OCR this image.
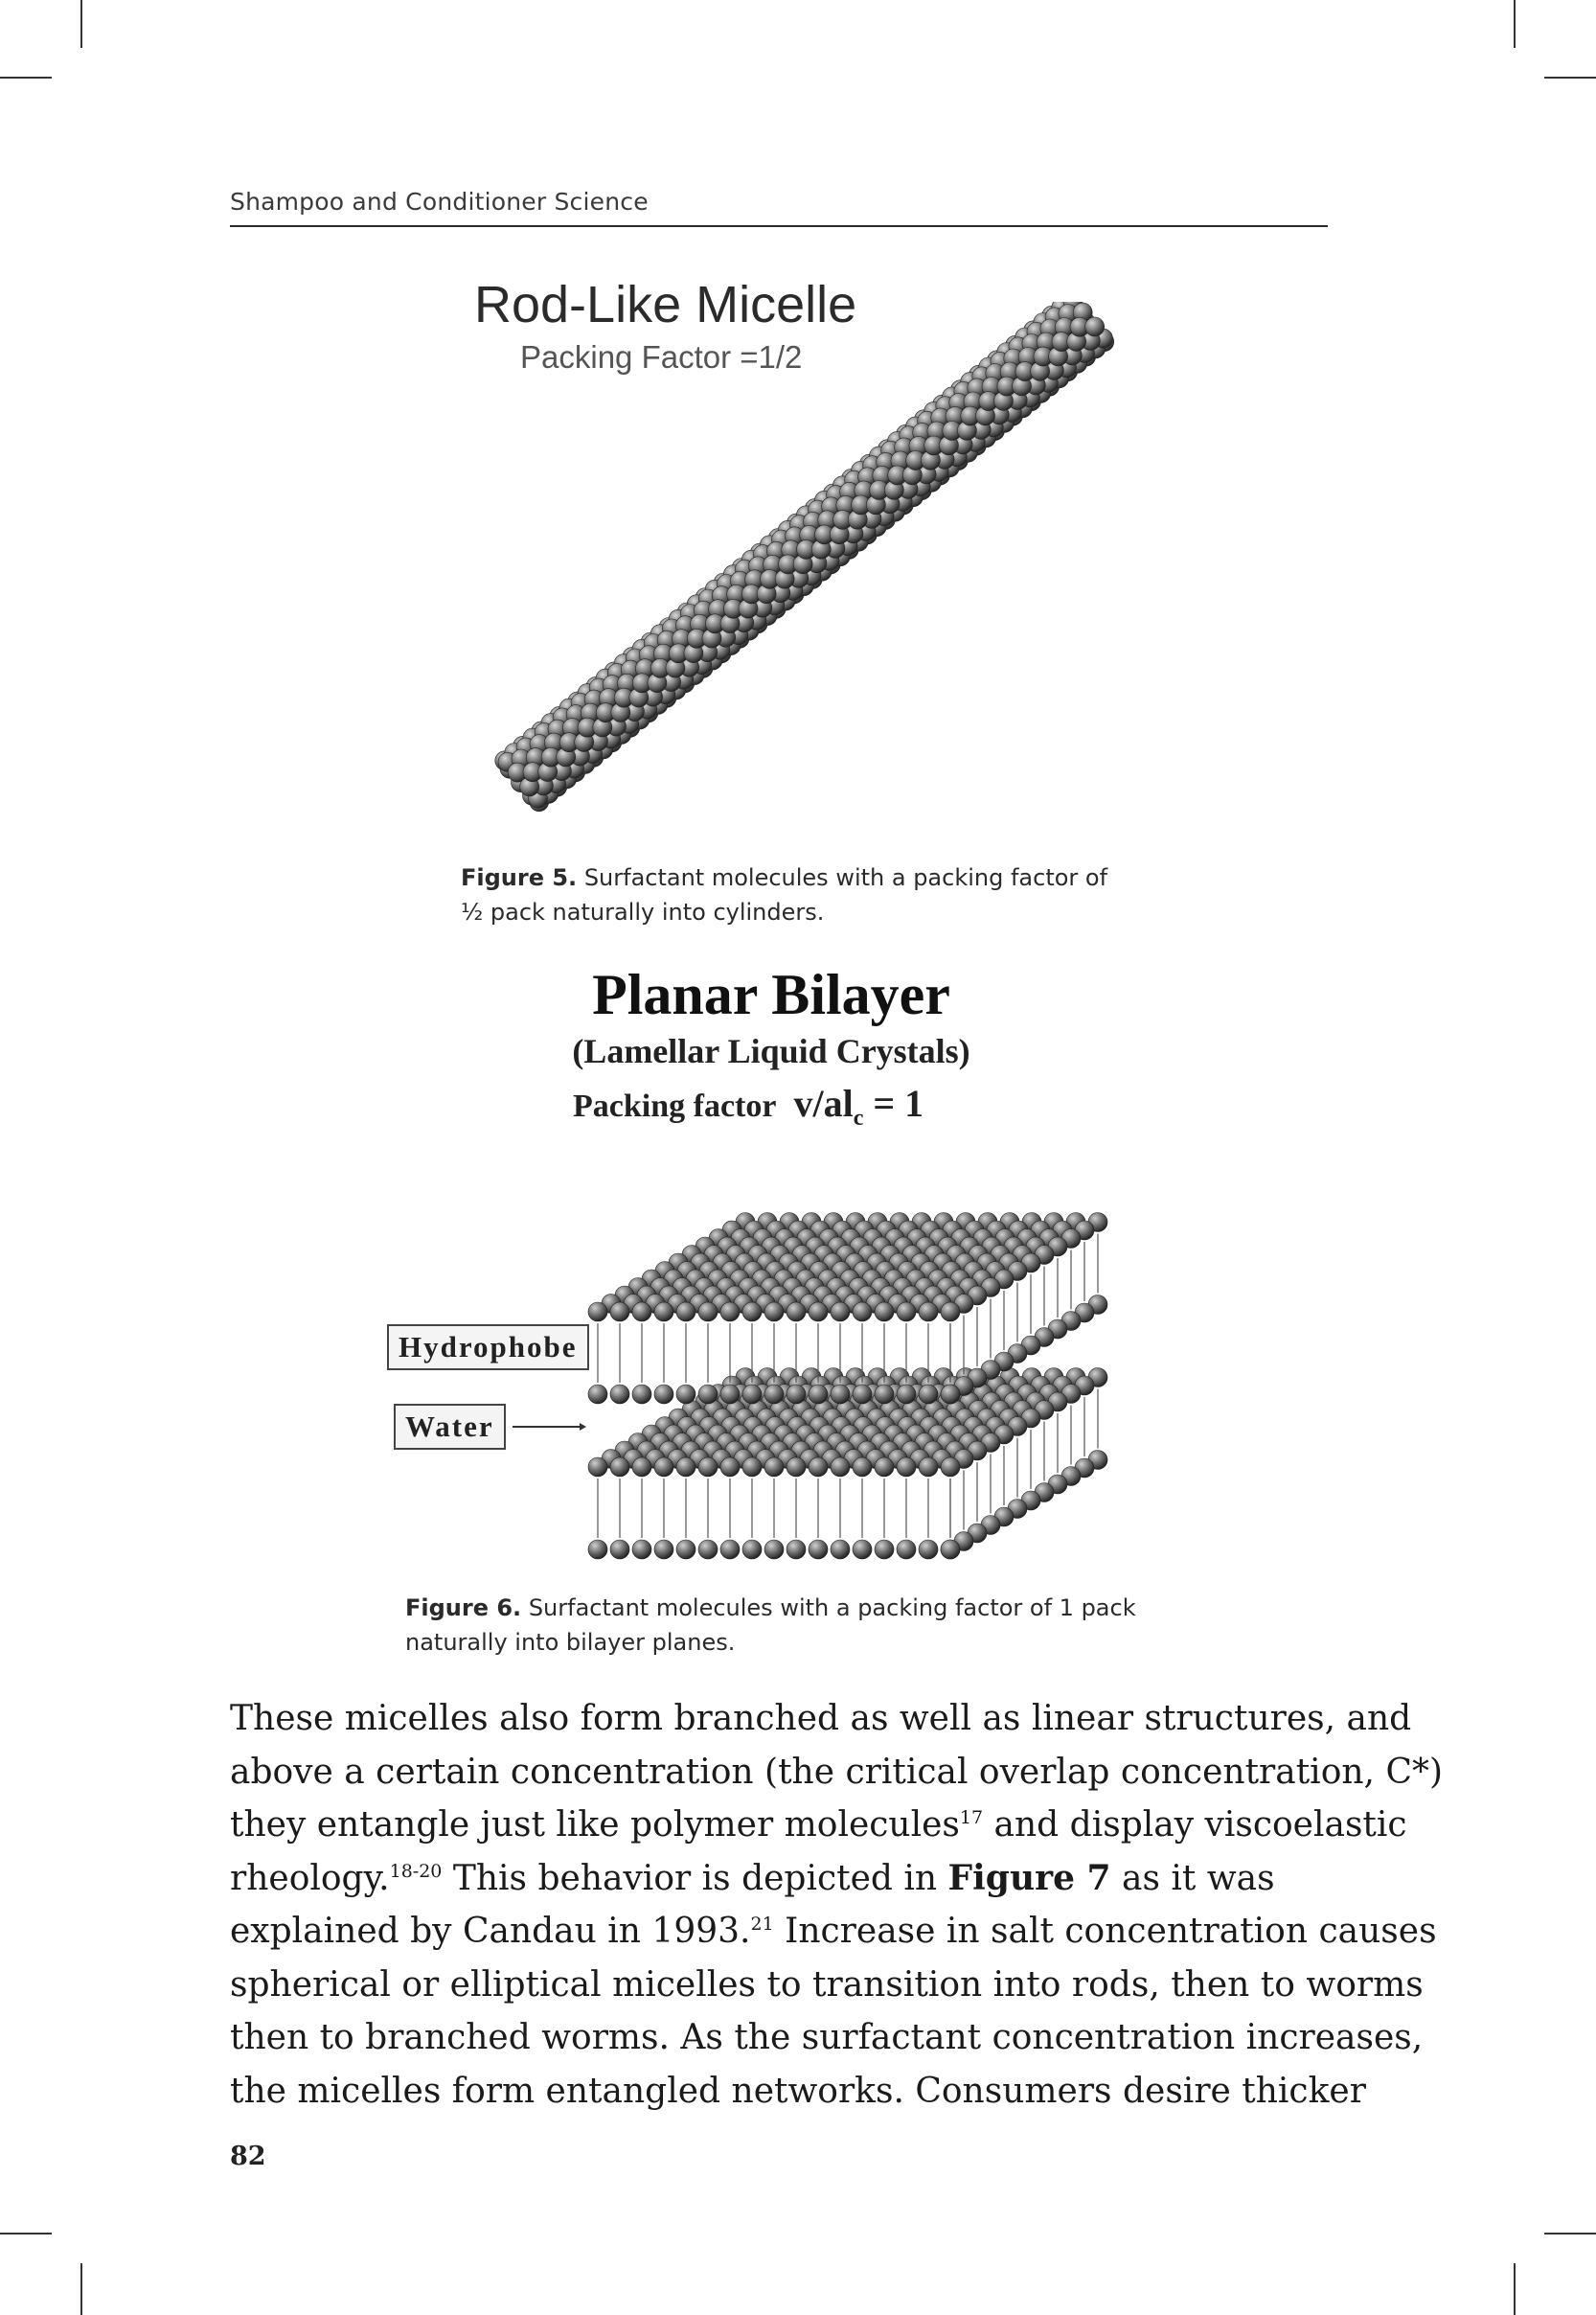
Shampoo and Conditioner Science
Rod-Like Micelle
Packing Factor =1/2
Figure 5. Surfactant molecules with a packing factor of
½ pack naturally into cylinders.
Planar Bilayer
(Lamellar Liquid Crystals)
Packing factor $v/al_c = 1$
Hydrophobe
Water
Figure 6. Surfactant molecules with a packing factor of 1 pack
naturally into bilayer planes.

These micelles also form branched as well as linear structures, and

above a certain concentration (the critical overlap concentration, C*)

they entangle just like polymer molecules$^{17}$ and display viscoelastic

rheology.$^{18-20}$ This behavior is depicted in Figure 7 as it was

explained by Candau in 1993.21 Increase in salt concentration causes

spherical or elliptical micelles to transition into rods, then to worms

then to branched worms. As the surfactant concentration increases,

the micelles form entangled networks. Consumers desire thicker

82
